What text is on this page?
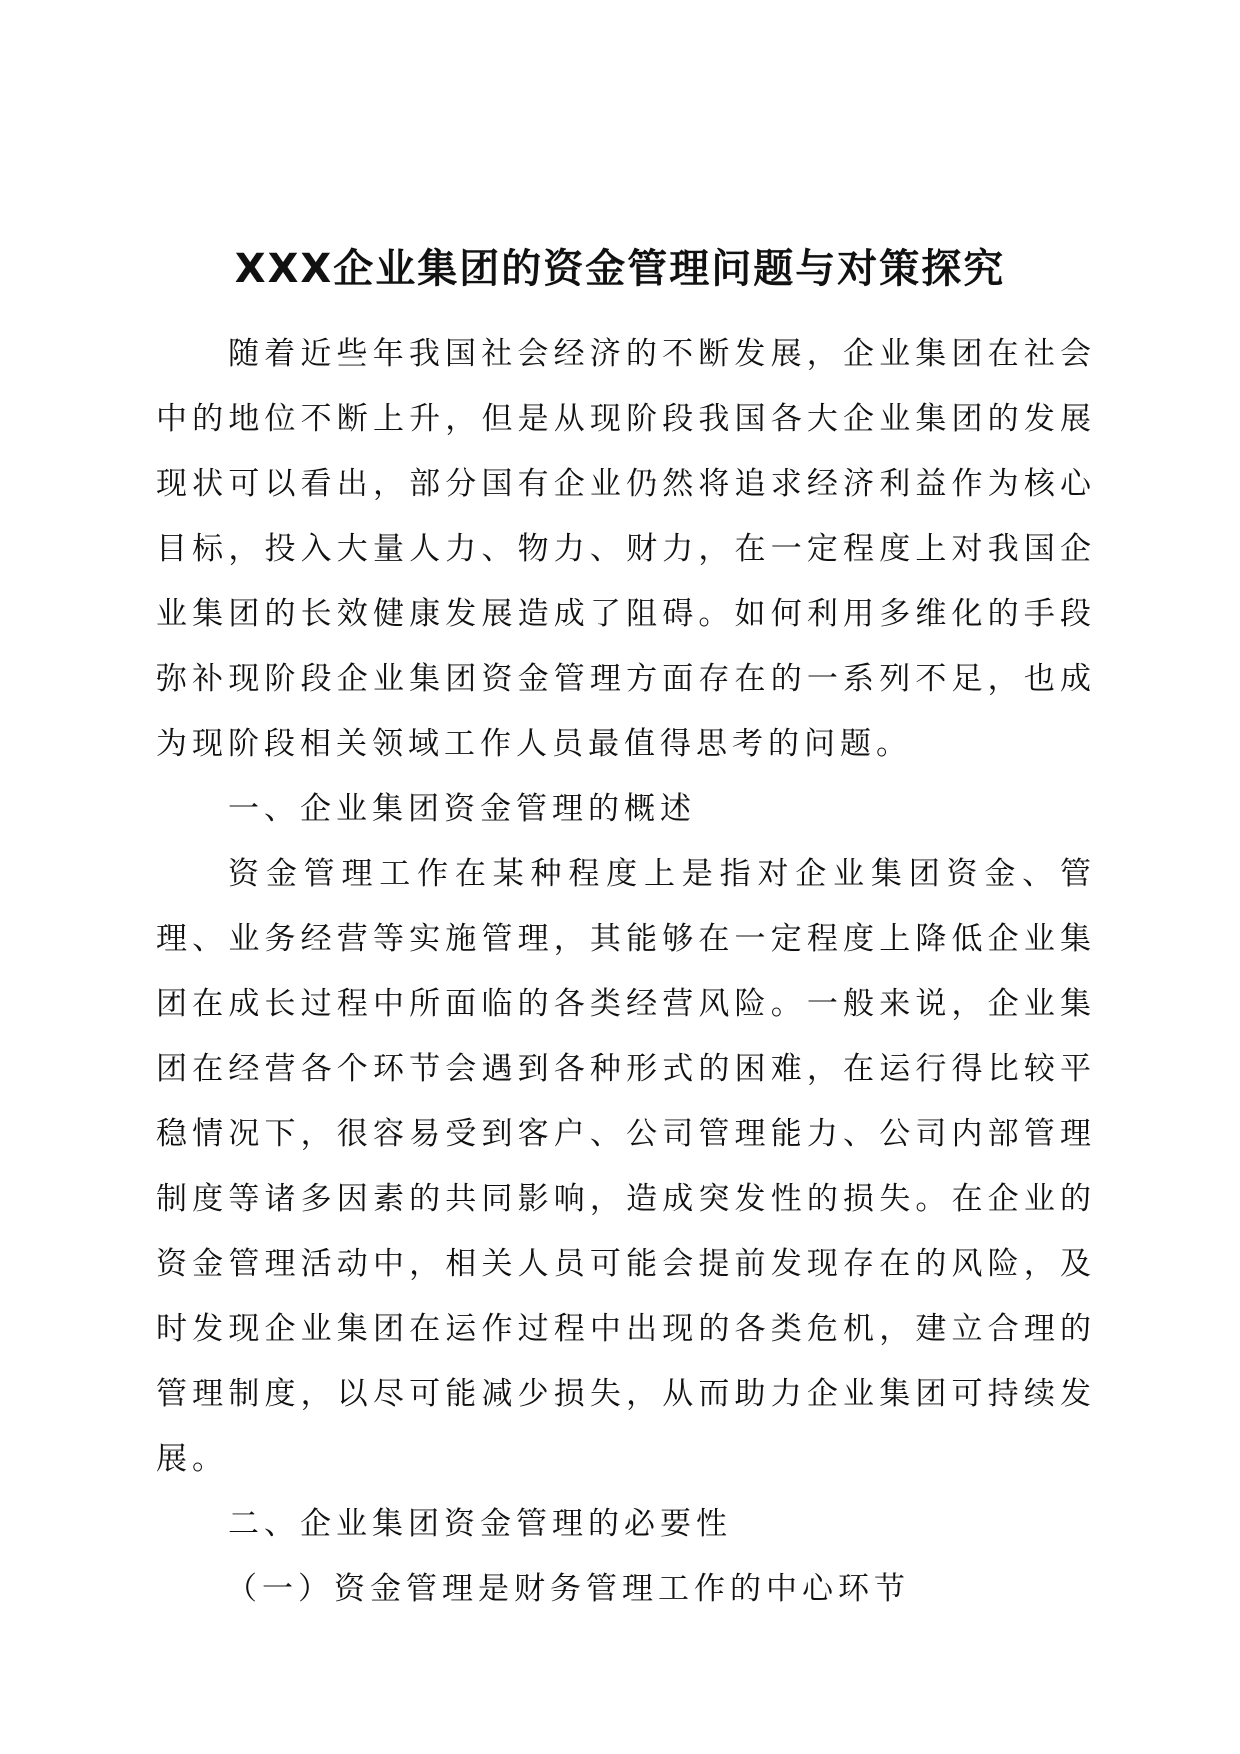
XXX企业集团的资金管理问题与对策探究

随着近些年我国社会经济的不断发展，企业集团在社会中的地位不断上升，但是从现阶段我国各大企业集团的发展现状可以看出，部分国有企业仍然将追求经济利益作为核心目标，投入大量人力、物力、财力，在一定程度上对我国企业集团的长效健康发展造成了阻碍。如何利用多维化的手段弥补现阶段企业集团资金管理方面存在的一系列不足，也成为现阶段相关领域工作人员最值得思考的问题。

一、企业集团资金管理的概述

资金管理工作在某种程度上是指对企业集团资金、管理、业务经营等实施管理，其能够在一定程度上降低企业集团在成长过程中所面临的各类经营风险。一般来说，企业集团在经营各个环节会遇到各种形式的困难，在运行得比较平稳情况下，很容易受到客户、公司管理能力、公司内部管理制度等诸多因素的共同影响，造成突发性的损失。在企业的资金管理活动中，相关人员可能会提前发现存在的风险，及时发现企业集团在运作过程中出现的各类危机，建立合理的管理制度，以尽可能减少损失，从而助力企业集团可持续发展。

二、企业集团资金管理的必要性

（一）资金管理是财务管理工作的中心环节
